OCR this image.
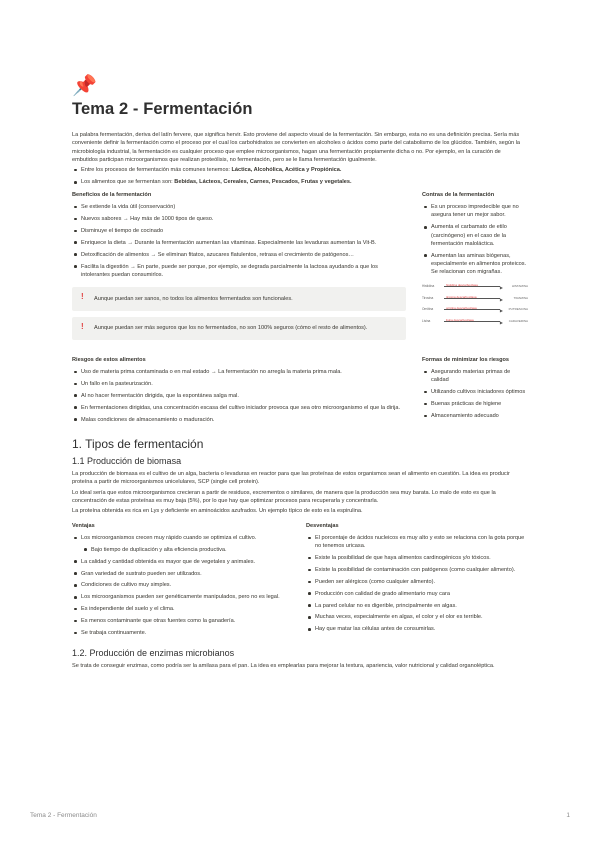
📌
Tema 2 - Fermentación

La palabra fermentación, deriva del latín fervere, que significa hervir. Esto proviene del aspecto visual de la fermentación. Sin embargo, esta no es una definición precisa. Sería más conveniente definir la fermentación como el proceso por el cual los carbohidratos se convierten en alcoholes o ácidos como parte del catabolismo de los glúcidos. También, según la microbiología industrial, la fermentación es cualquier proceso que emplee microorganismos, hagan una fermentación propiamente dicha o no. Por ejemplo, en la curación de embutidos participan microorganismos que realizan proteólisis, no fermentación, pero se le llama fermentación igualmente.

Entre los procesos de fermentación más comunes tenemos: Láctica, Alcohólica, Acética y Propiónica.
Los alimentos que se fermentan son: Bebidas, Lácteos, Cereales, Carnes, Pescados, Frutas y vegetales.
Beneficios de la fermentación
Se extiende la vida útil (conservación)
Nuevos sabores → Hay más de 1000 tipos de queso.
Disminuye el tiempo de cocinado
Enriquece la dieta → Durante la fermentación aumentan las vitaminas. Especialmente las levaduras aumentan la Vit-B.
Detoxificación de alimentos → Se eliminan fitatos, azucares flatulentos, retrasa el crecimiento de patógenos…
Facilita la digestión → En parte, puede ser porque, por ejemplo, se degrada parcialmente la lactosa ayudando a que los intolerantes puedan consumirlos.
! Aunque puedan ser sanos, no todos los alimentos fermentados son funcionales.
! Aunque puedan ser más seguros que los no fermentados, no son 100% seguros (cómo el resto de alimentos).
Contras de la fermentación
Es un proceso impredecible que no asegura tener un mejor sabor.
Aumenta el carbamato de etilo (carcinógeno) en el caso de la fermentación maloláctica.
Aumentan las aminas biógenas, especialmente en alimentos proteicos. Se relacionan con migrañas.
Histidina	histidina descarboxilasa	▶	HISTAMINA
Tirosina	tirosina descarboxilasa	▶	TIRAMINA
Ornitina	ornitina descarboxilasa	▶	PUTRESCINA
Lisina	lisina descarboxilasa	▶	CADAVERINA
Riesgos de estos alimentos
Uso de materia prima contaminada o en mal estado → La fermentación no arregla la materia prima mala.
Un fallo en la pasteurización.
Al no hacer fermentación dirigida, que la espontánea salga mal.
En fermentaciones dirigidas, una concentración escasa del cultivo iniciador provoca que sea otro microorganismo el que la dirija.
Malas condiciones de almacenamiento o maduración.
Formas de minimizar los riesgos
Asegurando materias primas de calidad
Utilizando cultivos iniciadores óptimos
Buenas prácticas de higiene
Almacenamiento adecuado
1. Tipos de fermentación
1.1 Producción de biomasa

La producción de biomasa es el cultivo de un alga, bacteria o levaduras en reactor para que las proteínas de estos organismos sean el alimento en cuestión. La idea es producir proteína a partir de microorganismos unicelulares, SCP (single cell protein).

Lo ideal sería que estos microorganismos crecieran a partir de residuos, excrementos o similares, de manera que la producción sea muy barata. Lo malo de esto es que la concentración de estas proteínas es muy baja (5%), por lo que hay que optimizar procesos para recuperarla y concentrarla.

La proteína obtenida es rica en Lys y deficiente en aminoácidos azufrados. Un ejemplo típico de esto es la espirulina.

Ventajas
Los microorganismos crecen muy rápido cuando se optimiza el cultivo.
Bajo tiempo de duplicación y alta eficiencia productiva.
La calidad y cantidad obtenida es mayor que de vegetales y animales.
Gran variedad de sustrato pueden ser utilizados.
Condiciones de cultivo muy simples.
Los microorganismos pueden ser genéticamente manipulados, pero no es legal.
Es independiente del suelo y el clima.
Es menos contaminante que otras fuentes como la ganadería.
Se trabaja continuamente.
Desventajas
El porcentaje de ácidos nucleicos es muy alto y esto se relaciona con la gota porque no tenemos uricasa.
Existe la posibilidad de que haya alimentos cardinogénicos y/o tóxicos.
Existe la posibilidad de contaminación con patógenos (como cualquier alimento).
Pueden ser alérgicos (como cualquier alimento).
Producción con calidad de grado alimentario muy cara
La pared celular no es digerible, principalmente en algas.
Muchas veces, especialmente en algas, el color y el olor es terrible.
Hay que matar las células antes de consumirlas.
1.2. Producción de enzimas microbianos

Se trata de conseguir enzimas, como podría ser la amilasa para el pan. La idea es emplearlas para mejorar la textura, apariencia, valor nutricional y calidad organoléptica.

Tema 2 - Fermentación	1
